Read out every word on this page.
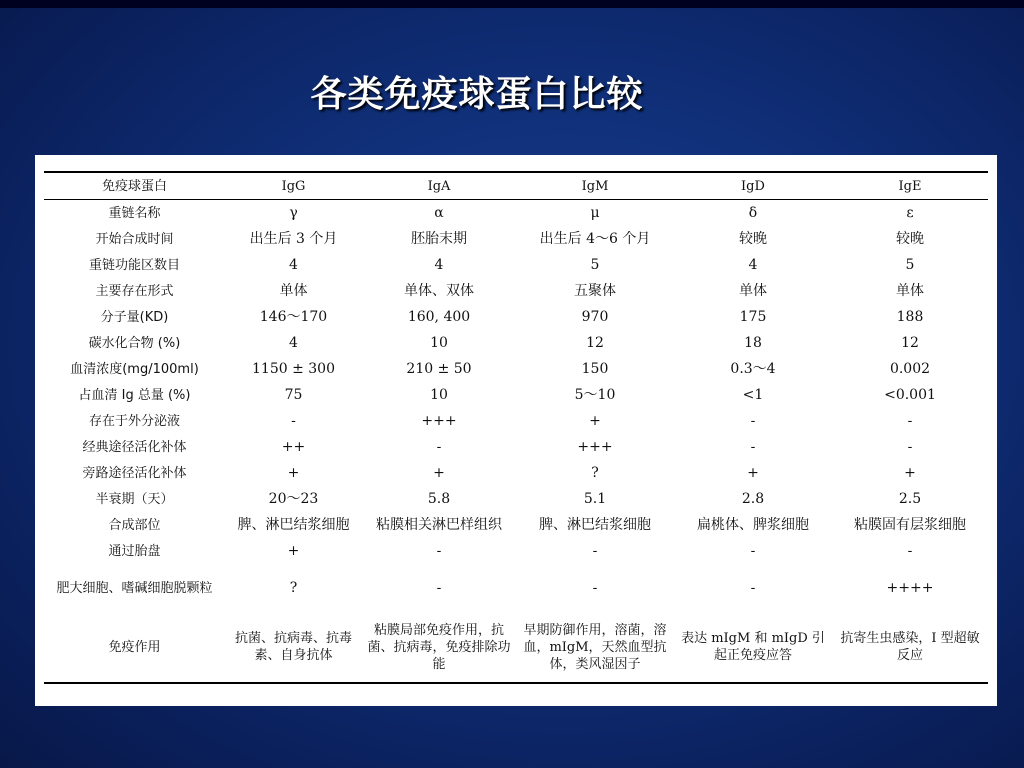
各类免疫球蛋白比较
免疫球蛋白	IgG	IgA	IgM	IgD	IgE
重链名称	γ	α	μ	δ	ε
开始合成时间	出生后 3 个月	胚胎末期	出生后 4～6 个月	较晚	较晚
重链功能区数目	4	4	5	4	5
主要存在形式	单体	单体、双体	五聚体	单体	单体
分子量(KD)	146～170	160, 400	970	175	188
碳水化合物 (%)	4	10	12	18	12
血清浓度(mg/100ml)	1150 ± 300	210 ± 50	150	0.3～4	0.002
占血清 Ig 总量 (%)	75	10	5～10	<1	<0.001
存在于外分泌液	-	+++	+	-	-
经典途径活化补体	++	-	+++	-	-
旁路途径活化补体	+	+	?	+	+
半衰期（天）	20～23	5.8	5.1	2.8	2.5
合成部位	脾、淋巴结浆细胞	粘膜相关淋巴样组织	脾、淋巴结浆细胞	扁桃体、脾浆细胞	粘膜固有层浆细胞
通过胎盘	+	-	-	-	-
肥大细胞、嗜碱细胞脱颗粒	?	-	-	-	++++
免疫作用	抗菌、抗病毒、抗毒素、自身抗体	粘膜局部免疫作用，抗菌、抗病毒，免疫排除功能	早期防御作用，溶菌，溶血，mIgM，天然血型抗体，类风湿因子	表达 mIgM 和 mIgD 引起正免疫应答	抗寄生虫感染，I 型超敏反应
